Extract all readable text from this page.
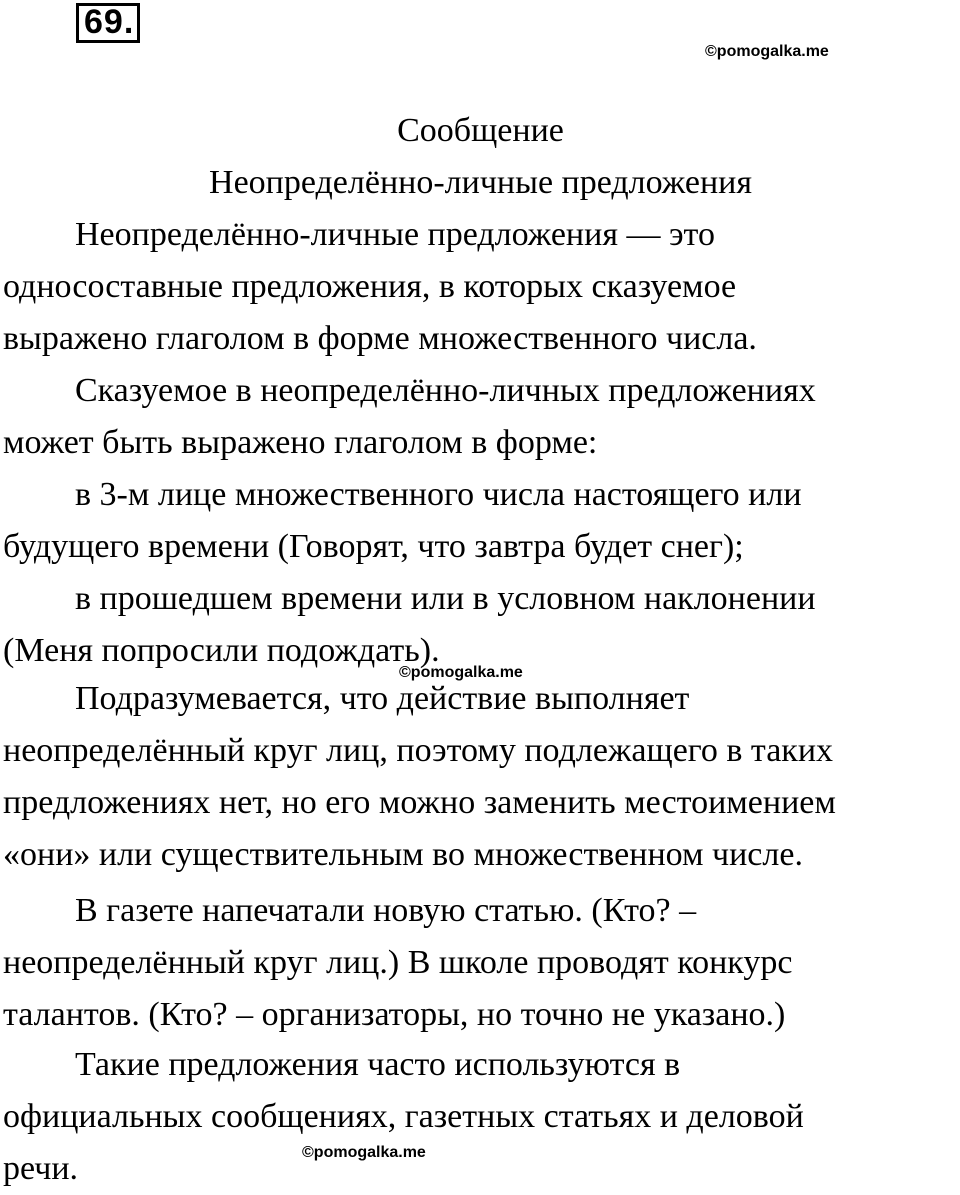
69.
©pomogalka.me
Сообщение
Неопределённо-личные предложения
Неопределённо-личные предложения — это
односоставные предложения, в которых сказуемое
выражено глаголом в форме множественного числа.
Сказуемое в неопределённо-личных предложениях
может быть выражено глаголом в форме:
в 3-м лице множественного числа настоящего или
будущего времени (Говорят, что завтра будет снег);
в прошедшем времени или в условном наклонении
(Меня попросили подождать).
©pomogalka.me
Подразумевается, что действие выполняет
неопределённый круг лиц, поэтому подлежащего в таких
предложениях нет, но его можно заменить местоимением
«они» или существительным во множественном числе.
В газете напечатали новую статью. (Кто? –
неопределённый круг лиц.) В школе проводят конкурс
талантов. (Кто? – организаторы, но точно не указано.)
Такие предложения часто используются в
официальных сообщениях, газетных статьях и деловой
речи.	©pomogalka.me
